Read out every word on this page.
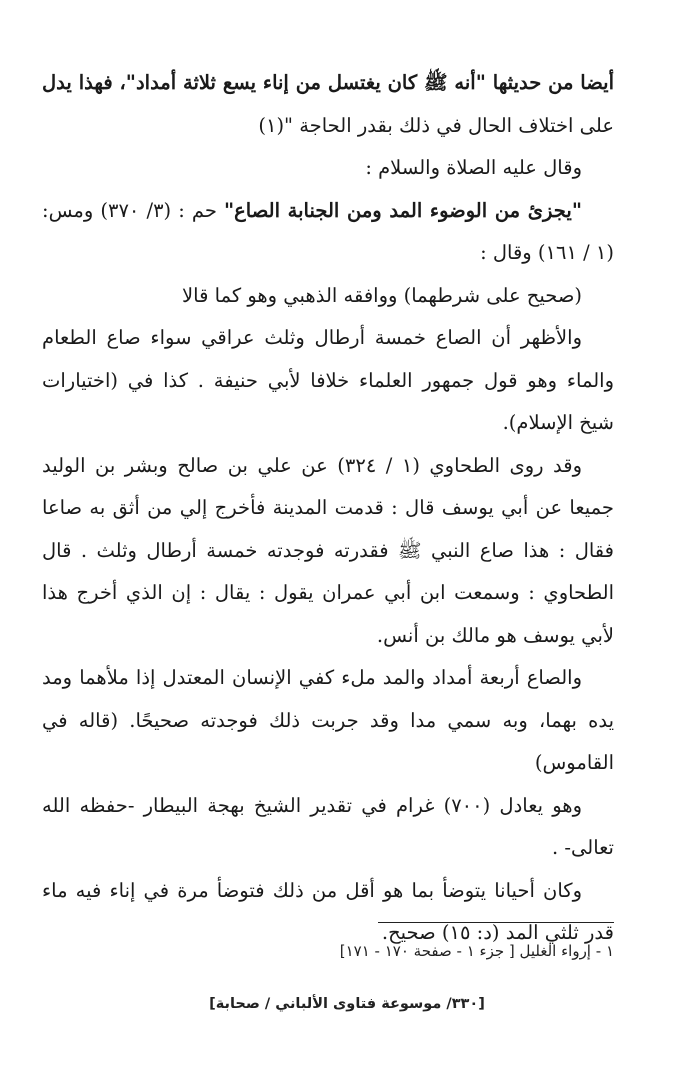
أيضا من حديثها "أنه ﷺ كان يغتسل من إناء يسع ثلاثة أمداد"، فهذا يدل على اختلاف الحال في ذلك بقدر الحاجة "(١)

وقال عليه الصلاة والسلام :

"يجزئ من الوضوء المد ومن الجنابة الصاع" حم : (٣/ ٣٧٠) ومس: (١ / ١٦١) وقال :

(صحيح على شرطهما) ووافقه الذهبي وهو كما قالا

والأظهر أن الصاع خمسة أرطال وثلث عراقي سواء صاع الطعام والماء وهو قول جمهور العلماء خلافا لأبي حنيفة . كذا في (اختيارات شيخ الإسلام).

وقد روى الطحاوي (١ / ٣٢٤) عن علي بن صالح وبشر بن الوليد جميعا عن أبي يوسف قال : قدمت المدينة فأخرج إلي من أثق به صاعا فقال : هذا صاع النبي ﷺ فقدرته فوجدته خمسة أرطال وثلث . قال الطحاوي : وسمعت ابن أبي عمران يقول : يقال : إن الذي أخرج هذا لأبي يوسف هو مالك بن أنس.

والصاع أربعة أمداد والمد ملء كفي الإنسان المعتدل إذا ملأهما ومد يده بهما، وبه سمي مدا وقد جربت ذلك فوجدته صحيحًا. (قاله في القاموس)

وهو يعادل (٧٠٠) غرام في تقدير الشيخ بهجة البيطار -حفظه الله تعالى- .

وكان أحيانا يتوضأ بما هو أقل من ذلك فتوضأ مرة في إناء فيه ماء قدر ثلثي المد (د: ١٥) صحيح.

١ - إرواء الغليل [ جزء ١ - صفحة ١٧٠ - ١٧١]
[٣٣٠/ موسوعة فتاوى الألباني / صحابة]
